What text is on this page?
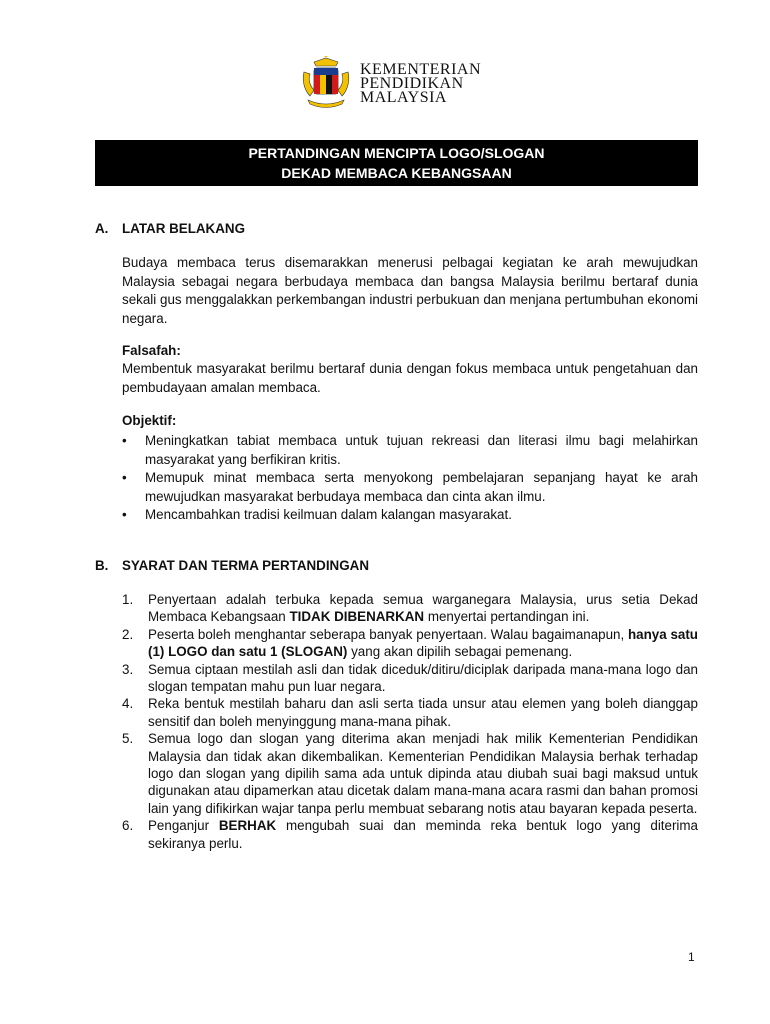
KEMENTERIAN
PENDIDIKAN
MALAYSIA
PERTANDINGAN MENCIPTA LOGO/SLOGAN
DEKAD MEMBACA KEBANGSAAN
A. LATAR BELAKANG
Budaya membaca terus disemarakkan menerusi pelbagai kegiatan ke arah mewujudkan Malaysia sebagai negara berbudaya membaca dan bangsa Malaysia berilmu bertaraf dunia sekali gus menggalakkan perkembangan industri perbukuan dan menjana pertumbuhan ekonomi negara.
Falsafah:
Membentuk masyarakat berilmu bertaraf dunia dengan fokus membaca untuk pengetahuan dan pembudayaan amalan membaca.
Objektif:
• Meningkatkan tabiat membaca untuk tujuan rekreasi dan literasi ilmu bagi melahirkan masyarakat yang berfikiran kritis.
• Memupuk minat membaca serta menyokong pembelajaran sepanjang hayat ke arah mewujudkan masyarakat berbudaya membaca dan cinta akan ilmu.
• Mencambahkan tradisi keilmuan dalam kalangan masyarakat.
B. SYARAT DAN TERMA PERTANDINGAN
1. Penyertaan adalah terbuka kepada semua warganegara Malaysia, urus setia Dekad Membaca Kebangsaan TIDAK DIBENARKAN menyertai pertandingan ini.
2. Peserta boleh menghantar seberapa banyak penyertaan. Walau bagaimanapun, hanya satu (1) LOGO dan satu 1 (SLOGAN) yang akan dipilih sebagai pemenang.
3. Semua ciptaan mestilah asli dan tidak diceduk/ditiru/diciplak daripada mana-mana logo dan slogan tempatan mahu pun luar negara.
4. Reka bentuk mestilah baharu dan asli serta tiada unsur atau elemen yang boleh dianggap sensitif dan boleh menyinggung mana-mana pihak.
5. Semua logo dan slogan yang diterima akan menjadi hak milik Kementerian Pendidikan Malaysia dan tidak akan dikembalikan. Kementerian Pendidikan Malaysia berhak terhadap logo dan slogan yang dipilih sama ada untuk dipinda atau diubah suai bagi maksud untuk digunakan atau dipamerkan atau dicetak dalam mana-mana acara rasmi dan bahan promosi lain yang difikirkan wajar tanpa perlu membuat sebarang notis atau bayaran kepada peserta.
6. Penganjur BERHAK mengubah suai dan meminda reka bentuk logo yang diterima sekiranya perlu.
1
